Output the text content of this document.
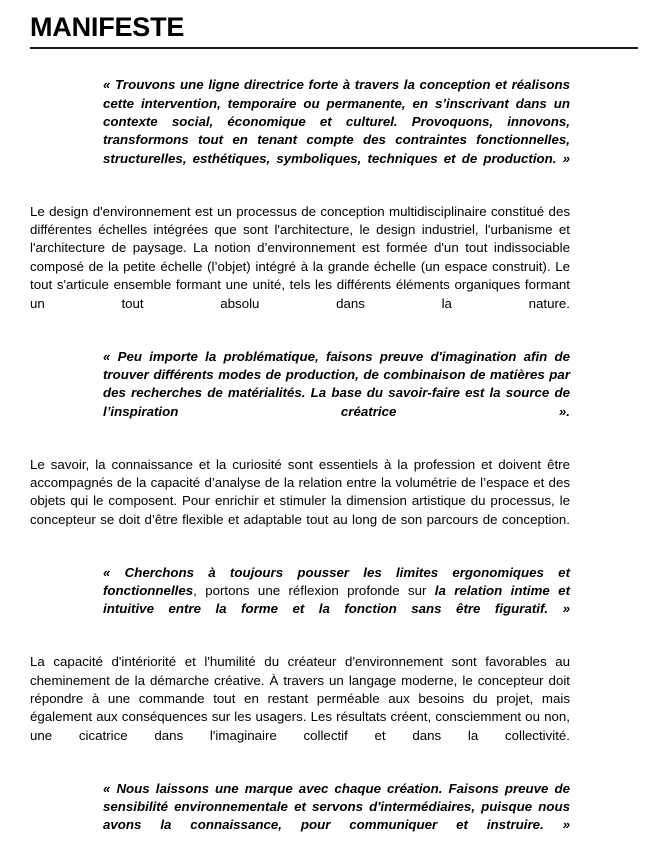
MANIFESTE

« Trouvons une ligne directrice forte à travers la conception et réalisons cette intervention, temporaire ou permanente, en s’inscrivant dans un contexte social, économique et culturel. Provoquons, innovons, transformons tout en tenant compte des contraintes fonctionnelles, structurelles, esthétiques, symboliques, techniques et de production. »

Le design d'environnement est un processus de conception multidisciplinaire constitué des différentes échelles intégrées que sont l'architecture, le design industriel, l'urbanisme et l'architecture de paysage. La notion d’environnement est formée d'un tout indissociable composé de la petite échelle (l’objet) intégré à la grande échelle (un espace construit). Le tout s'articule ensemble formant une unité, tels les différents éléments organiques formant un tout absolu dans la nature.

« Peu importe la problématique, faisons preuve d'imagination afin de trouver différents modes de production, de combinaison de matières par des recherches de matérialités. La base du savoir-faire est la source de l’inspiration créatrice ».

Le savoir, la connaissance et la curiosité sont essentiels à la profession et doivent être accompagnés de la capacité d’analyse de la relation entre la volumétrie de l’espace et des objets qui le composent. Pour enrichir et stimuler la dimension artistique du processus, le concepteur se doit d’être flexible et adaptable tout au long de son parcours de conception.

« Cherchons à toujours pousser les limites ergonomiques et fonctionnelles, portons une réflexion profonde sur la relation intime et intuitive entre la forme et la fonction sans être figuratif. »

La capacité d'intériorité et l'humilité du créateur d'environnement sont favorables au cheminement de la démarche créative. À travers un langage moderne, le concepteur doit répondre à une commande tout en restant perméable aux besoins du projet, mais également aux conséquences sur les usagers. Les résultats créent, consciemment ou non, une cicatrice dans l'imaginaire collectif et dans la collectivité.

« Nous laissons une marque avec chaque création. Faisons preuve de sensibilité environnementale et servons d'intermédiaires, puisque nous avons la connaissance, pour communiquer et instruire. »
